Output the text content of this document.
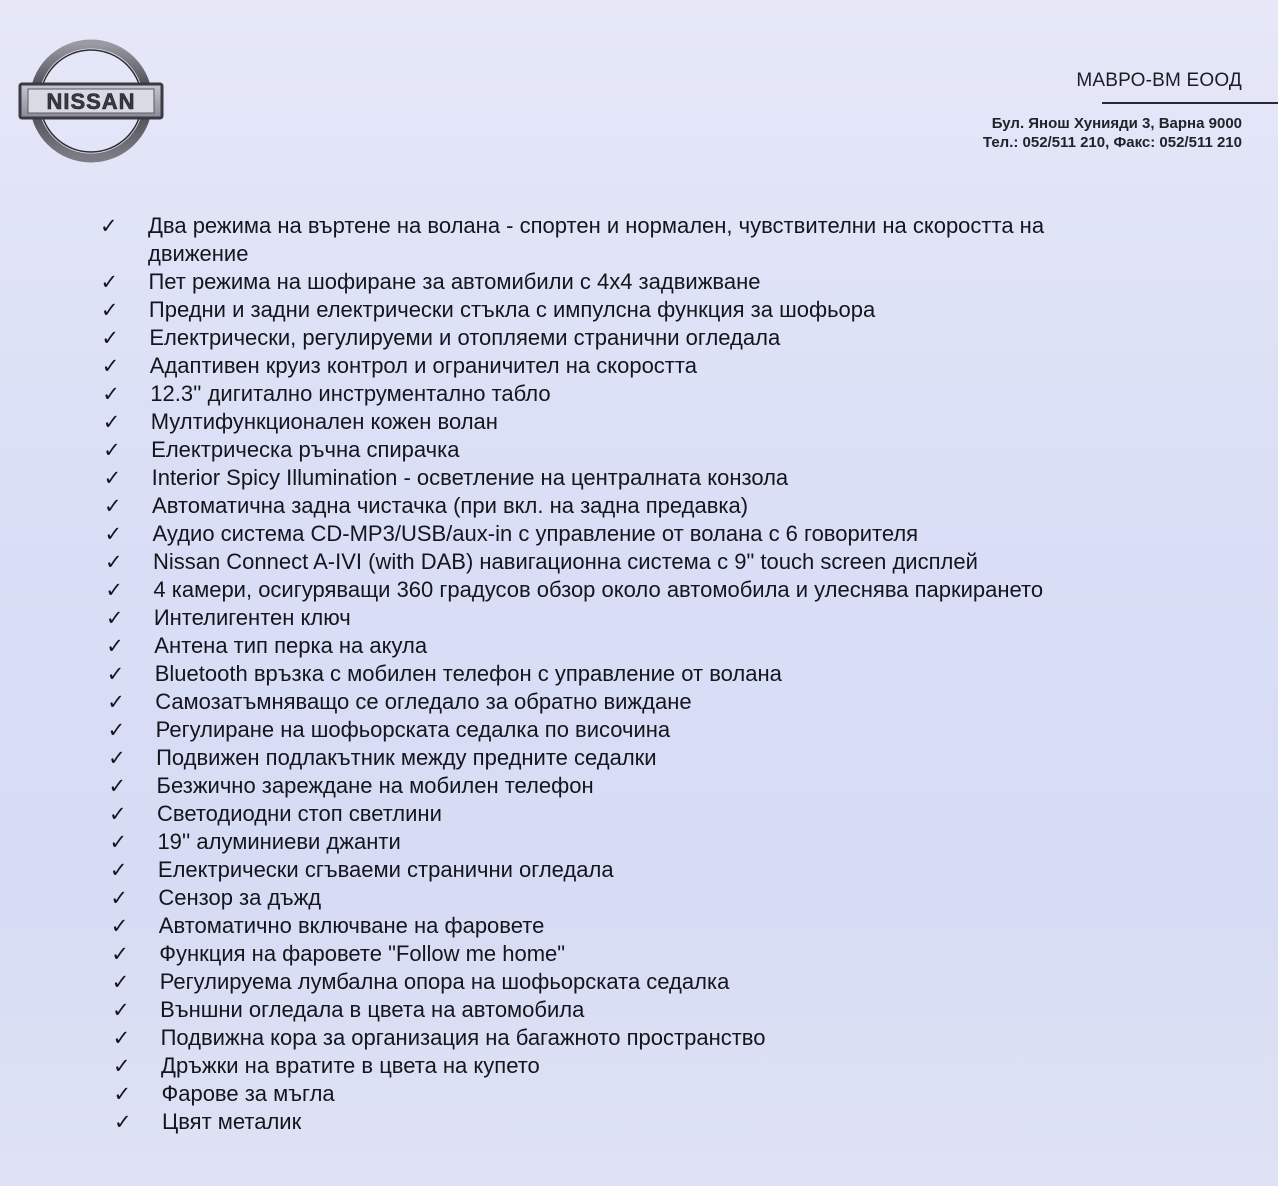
NISSAN
МАВРО-ВМ ЕООД
Бул. Янош Хунияди 3, Варна 9000
Тел.: 052/511 210, Факс: 052/511 210
✓	Два режима на въртене на волана - спортен и нормален, чувствителни на скоростта на движение
✓	Пет режима на шофиране за автомибили с 4х4 задвижване
✓	Предни и задни електрически стъкла с импулсна функция за шофьора
✓	Електрически, регулируеми и отопляеми странични огледала
✓	Адаптивен круиз контрол и ограничител на скоростта
✓	12.3'' дигитално инструментално табло
✓	Мултифункционален кожен волан
✓	Електрическа ръчна спирачка
✓	Interior Spicy Illumination - осветление на централната конзола
✓	Автоматична задна чистачка (при вкл. на задна предавка)
✓	Аудио система CD-MP3/USB/aux-in с управление от волана с 6 говорителя
✓	Nissan Connect A-IVI (with DAB) навигационна система с 9" touch screen дисплей
✓	4 камери, осигуряващи 360 градусов обзор около автомобила и улеснява паркирането
✓	Интелигентен ключ
✓	Антена тип перка на акула
✓	Bluetooth връзка с мобилен телефон с управление от волана
✓	Самозатъмняващо се огледало за обратно виждане
✓	Регулиране на шофьорската седалка по височина
✓	Подвижен подлакътник между предните седалки
✓	Безжично зареждане на мобилен телефон
✓	Светодиодни стоп светлини
✓	19'' алуминиеви джанти
✓	Електрически сгъваеми странични огледала
✓	Сензор за дъжд
✓	Автоматично включване на фаровете
✓	Функция на фаровете "Follow me home"
✓	Регулируема лумбална опора на шофьорската седалка
✓	Външни огледала в цвета на автомобила
✓	Подвижна кора за организация на багажното пространство
✓	Дръжки на вратите в цвета на купето
✓	Фарове за мъгла
✓	Цвят металик
